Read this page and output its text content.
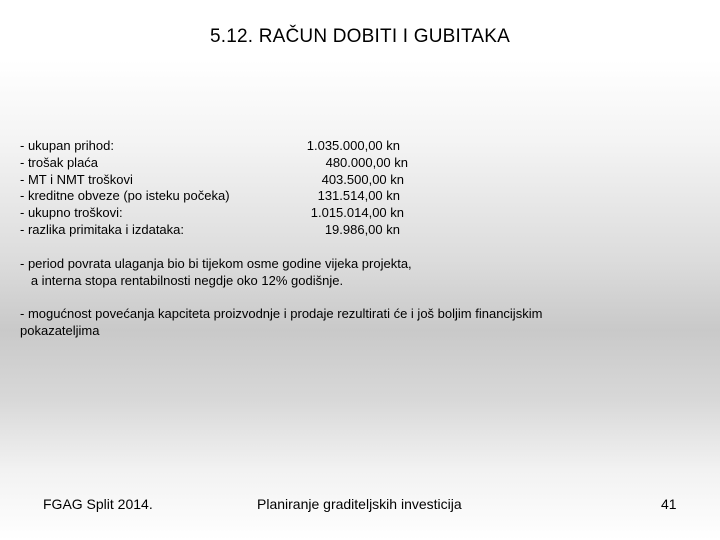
5.12. RAČUN DOBITI I GUBITAKA
- ukupan prihod:	1.035.000,00 kn
- trošak plaća	480.000,00 kn
- MT i NMT troškovi	403.500,00 kn
- kreditne obveze (po isteku počeka)	131.514,00 kn
- ukupno troškovi:	1.015.014,00 kn
- razlika primitaka i izdataka:	19.986,00 kn
- period povrata ulaganja bio bi tijekom osme godine vijeka projekta,
a interna stopa rentabilnosti negdje oko 12% godišnje.
- mogućnost povećanja kapciteta proizvodnje i prodaje rezultirati će i još boljim financijskim
pokazateljima
FGAG Split 2014.	Planiranje graditeljskih investicija	41
